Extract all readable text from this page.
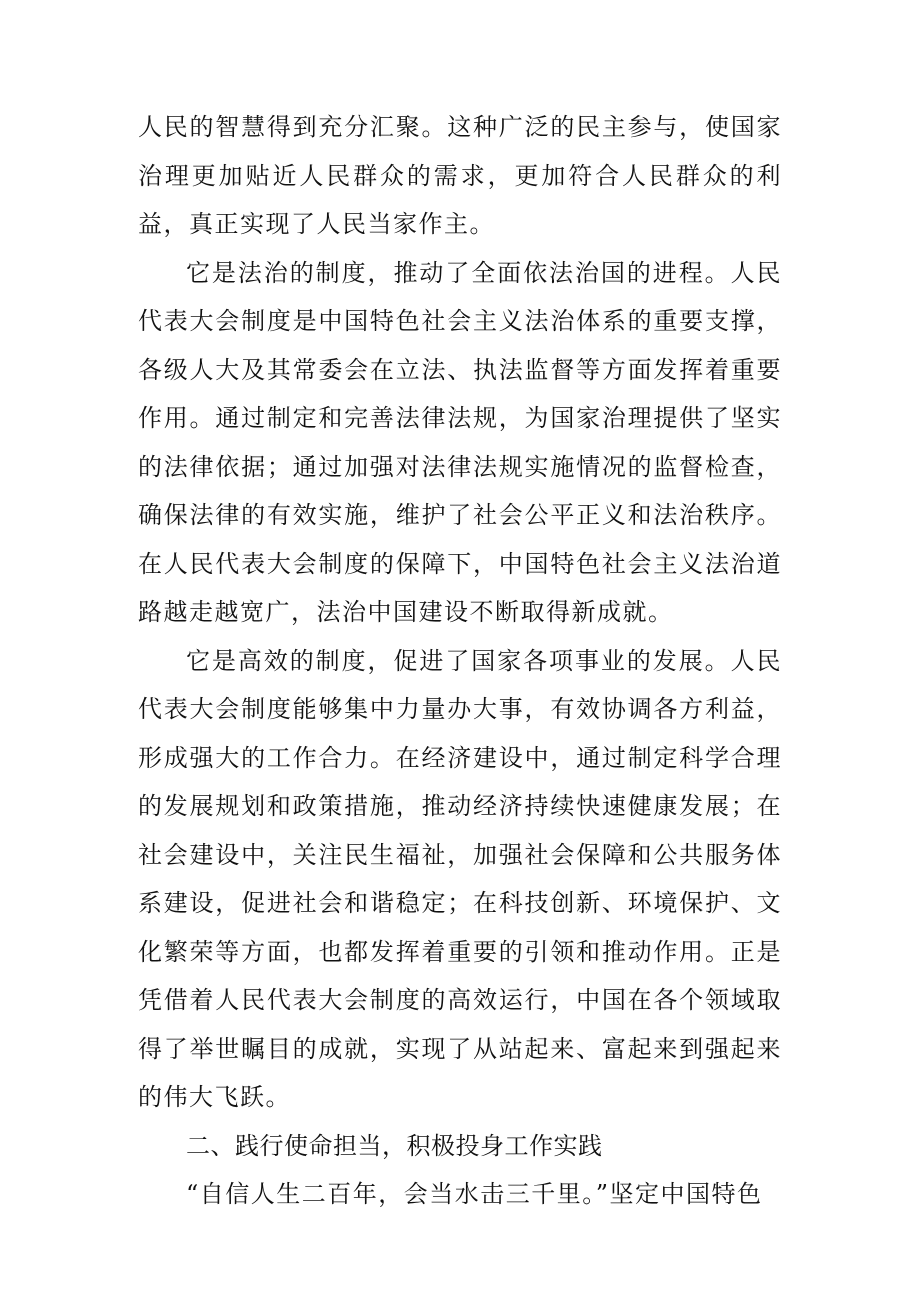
人民的智慧得到充分汇聚。这种广泛的民主参与，使国家治理更加贴近人民群众的需求，更加符合人民群众的利益，真正实现了人民当家作主。

它是法治的制度，推动了全面依法治国的进程。人民代表大会制度是中国特色社会主义法治体系的重要支撑，各级人大及其常委会在立法、执法监督等方面发挥着重要作用。通过制定和完善法律法规，为国家治理提供了坚实的法律依据；通过加强对法律法规实施情况的监督检查，确保法律的有效实施，维护了社会公平正义和法治秩序。在人民代表大会制度的保障下，中国特色社会主义法治道路越走越宽广，法治中国建设不断取得新成就。

它是高效的制度，促进了国家各项事业的发展。人民代表大会制度能够集中力量办大事，有效协调各方利益，形成强大的工作合力。在经济建设中，通过制定科学合理的发展规划和政策措施，推动经济持续快速健康发展；在社会建设中，关注民生福祉，加强社会保障和公共服务体系建设，促进社会和谐稳定；在科技创新、环境保护、文化繁荣等方面，也都发挥着重要的引领和推动作用。正是凭借着人民代表大会制度的高效运行，中国在各个领域取得了举世瞩目的成就，实现了从站起来、富起来到强起来的伟大飞跃。

二、践行使命担当，积极投身工作实践

“自信人生二百年，会当水击三千里。”坚定中国特色
